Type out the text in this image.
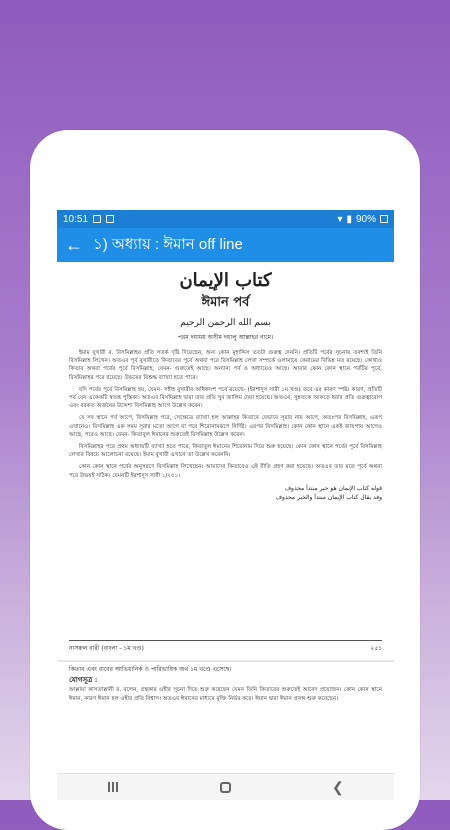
10:51	▾ ▮ 90%
← ১) অধ্যায় : ঈমান off line
كتاب الإيمان
ঈমান পর্ব
بسم الله الرحمن الرحيم
পরম দয়াময় অসীম দয়ালু আল্লাহর নামে।

ইমাম বুখারী র. বিসমিল্লাহর প্রতি সতর্ক দৃষ্টি দিয়েছেন, অন্য কোন মুহাদ্দিস ততটা গুরুত্ব দেননি। প্রতিটি পর্বের সূচনায় তবশ্যই তিনি বিসমিল্লাহ লিখেন। অতএব পূর্ব বুখারীতে কিতাবের পূর্বে অথবা পরে বিসমিল্লাহ লেখা সম্পর্কে ওলামায়ে কেরামের বিভিন্ন মত রয়েছে। কোথাও কিতাব অথবা পর্বের পূর্বে বিসমিল্লাহ, যেমন- গুরুতেই আছে। অন্যান্য পর্ব ও অধ্যায়েও আছে। আবার কোন কোন স্থানে পর্বটির পূর্বে, বিসমিল্লাহর পরে রয়েছে। উভয়ের বিশুদ্ধ ব্যাখ্যা হতে পারে।

যদি পর্বের পূর্বে বিসমিল্লাহ হয়, যেমন- সহীহ বুখারীর অধিকাংশ পর্বে রয়েছে- (ইরশাদুস সারী ১ম খণ্ড) তবে এর কারণ স্পষ্ট। কারণ, প্রতিটি পর্ব যেন একেকটি স্বতন্ত্র পুস্তিকা। অতএব বিসমিল্লাহ দ্বারা তার প্রতি খুব জালিম দেয়া হয়েছে। অতএব, সুন্নতকে আকড়ে ধরার প্রতি গুরুত্বারোপ এবং বরকত অর্জনের উদ্দেশ্য বিসমিল্লাহ আগে উল্লেখ করেন।

যে সব স্থানে পর্ব আগে, বিসমিল্লাহ পরে, সেক্ষেত্রে ব্যাখ্যা হল আল্লাহর কিতাবে যেভাবে সূরার নাম আগে, অতঃপর বিসমিল্লাহ, এরূপ এখানেও। বিসমিল্লাহ এক সময় সূরার মতো আগে বা পরে শিরোনামরূপে নির্দিষ্ট। এরপর বিসমিল্লাহ। কোন কোন স্থানে একই জায়গায় আগেও আছে, পরেও আছে। যেমন- কিতাবুল ঈমানের শুরুতেই বিসমিল্লাহ উল্লেখ করেন।

বিসমিল্লাহর পরে প্রথম অধ্যায়টি ব্যাখ্যা হতে পারে, কিতাবুল ঈমানের শিরোনাম দিয়ে শুরু হয়েছে। কোন কোন স্থানে পর্বের পূর্বে বিসমিল্লাহ লেখার বিষয়ে আলোচনা রয়েছে। ইমাম বুখারী এখানে তা উল্লেখ করেননি।

কোন কোন স্থানে পর্বের অনুসরণে বিসমিল্লাহ লিখেছেন। আমাদের কিতাবেও এই রীতি গ্রহণ করা হয়েছে। অতএব তার মতে পূর্বে অথবা পরে উভয়ই সঠিক। যেমনটি ইরশাদুস সারী ১/২৫১।

قوله كتاب الإيمان هو خبر مبتدأ محذوف
وقد يقال كتاب الإيمان مبتدأ والخبر محذوف
নাসরুল বারী (বাংলা - ১ম খণ্ড)	২৫১
কিতাব এবং বাবের আভিধানিক ও পারিভাষিক অর্থ ১ম খণ্ডে এসেছে।
যোগসূত্র :
আল্লামা কাসতাল্লানী র. বলেন, গ্রন্থকার ওহীর সূচনা দিয়ে শুরু করেছেন যেমন তিনি কিতাবের শুরুতেই আবেদ প্রয়োজন। কোন কোন স্থানে ঈমান, কারণ ঈমান হল ওহীর প্রতি বিশ্বাস। অতএব ঈমানের মাধ্যমে মুক্তি নির্ভর করে। ঈমান দ্বারা ঈমান প্রসঙ্গ শুরু করেছেন।
❮
